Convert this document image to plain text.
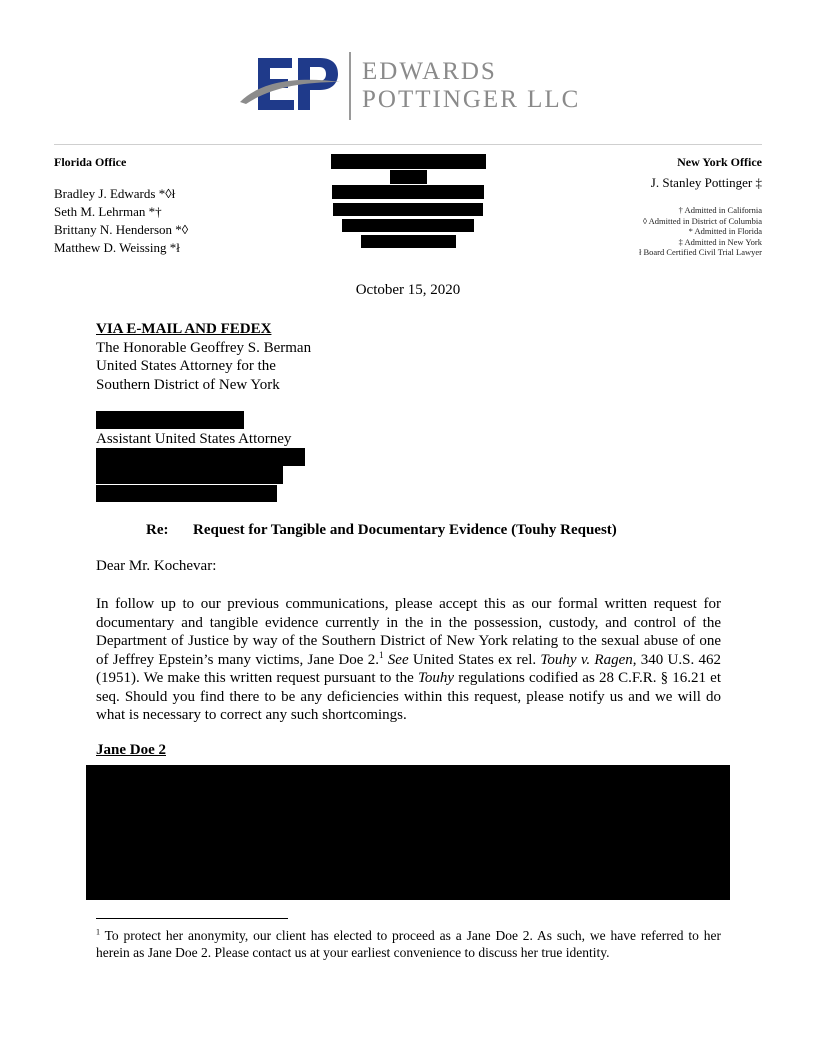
EDWARDS
POTTINGER LLC
Florida Office
Bradley J. Edwards *◊ł
Seth M. Lehrman *†
Brittany N. Henderson *◊
Matthew D. Weissing *ł
New York Office
J. Stanley Pottinger ‡
† Admitted in California
◊ Admitted in District of Columbia
* Admitted in Florida
‡ Admitted in New York
ł Board Certified Civil Trial Lawyer
October 15, 2020
VIA E-MAIL AND FEDEX
The Honorable Geoffrey S. Berman
United States Attorney for the
Southern District of New York
Assistant United States Attorney
Re: Request for Tangible and Documentary Evidence (Touhy Request)
Dear Mr. Kochevar:
In follow up to our previous communications, please accept this as our formal written request for documentary and tangible evidence currently in the in the possession, custody, and control of the Department of Justice by way of the Southern District of New York relating to the sexual abuse of one of Jeffrey Epstein’s many victims, Jane Doe 2.$^1$ See United States ex rel. Touhy v. Ragen, 340 U.S. 462 (1951). We make this written request pursuant to the Touhy regulations codified as 28 C.F.R. § 16.21 et seq. Should you find there to be any deficiencies within this request, please notify us and we will do what is necessary to correct any such shortcomings.
Jane Doe 2
$^1$ To protect her anonymity, our client has elected to proceed as a Jane Doe 2. As such, we have referred to her herein as Jane Doe 2. Please contact us at your earliest convenience to discuss her true identity.
